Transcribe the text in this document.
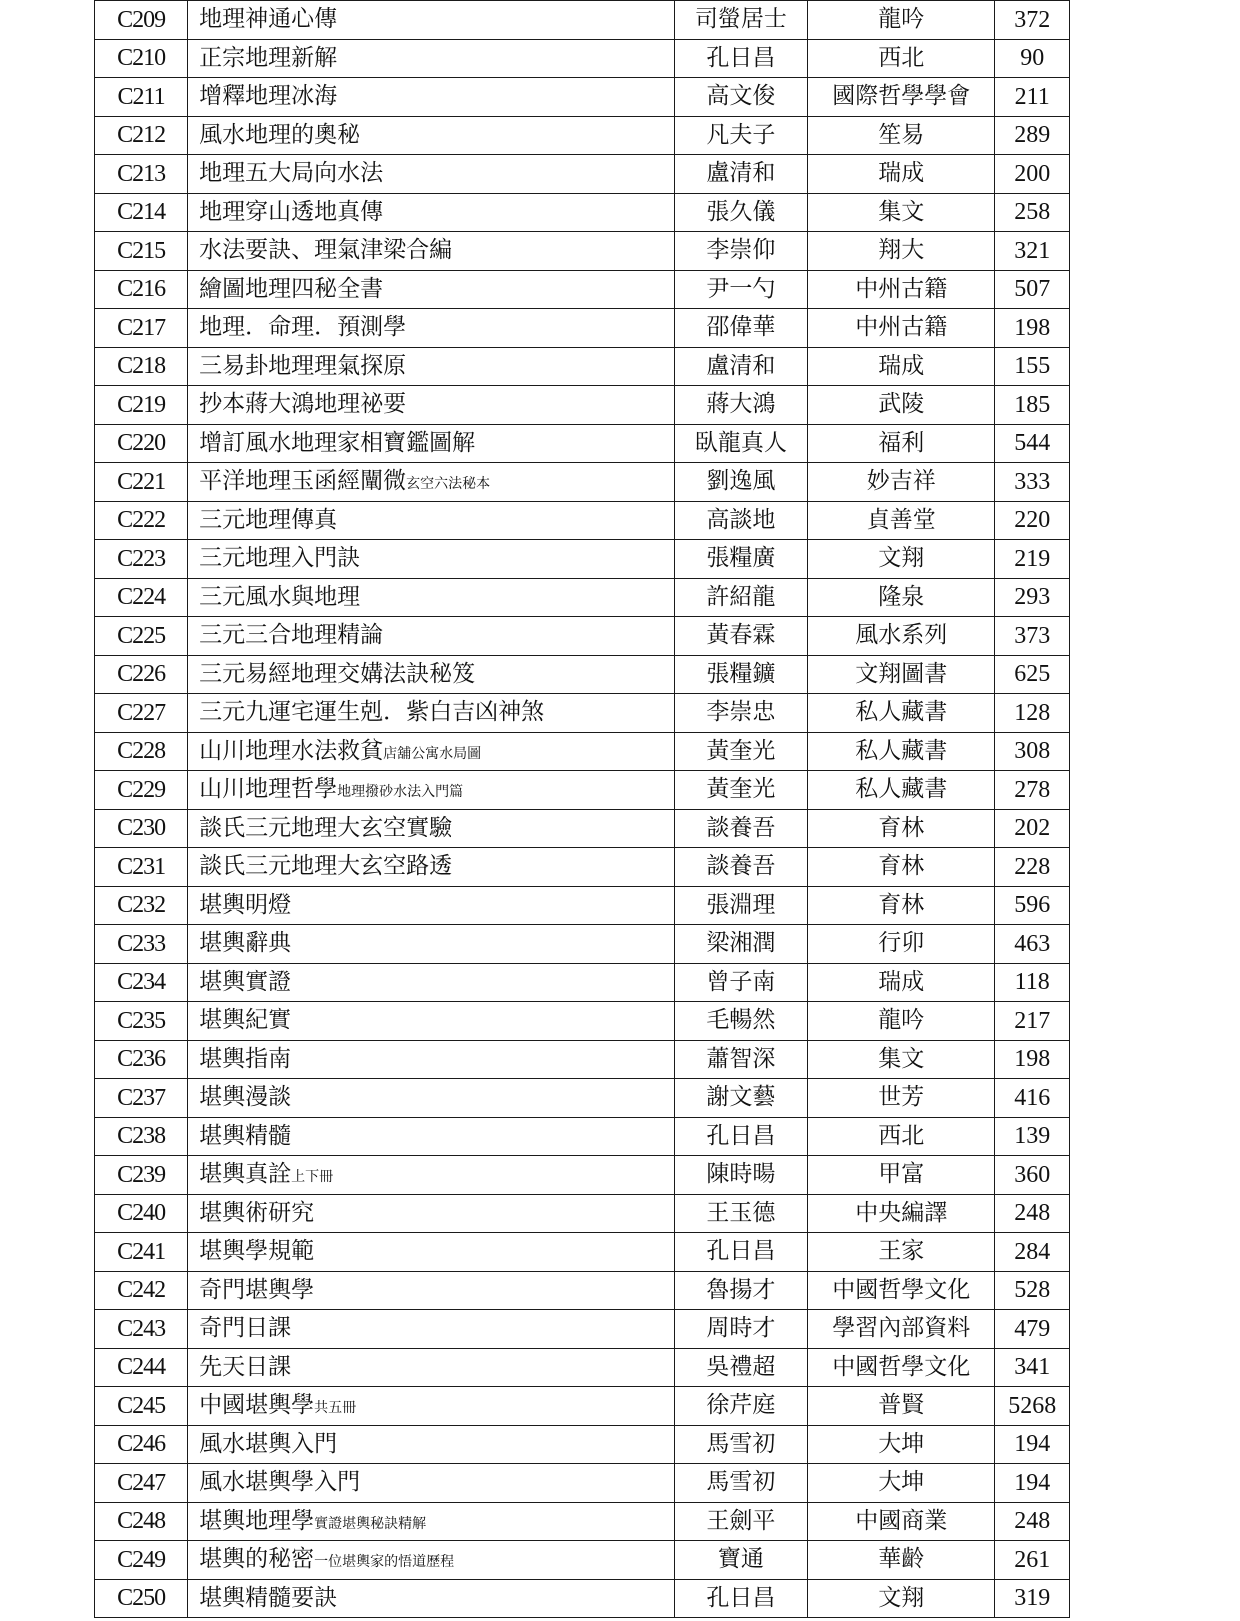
C209	地理神通心傳	司螢居士	龍吟	372
C210	正宗地理新解	孔日昌	西北	90
C211	增釋地理冰海	高文俊	國際哲學學會	211
C212	風水地理的奧秘	凡夫子	笙易	289
C213	地理五大局向水法	盧清和	瑞成	200
C214	地理穿山透地真傳	張久儀	集文	258
C215	水法要訣、理氣津梁合編	李崇仰	翔大	321
C216	繪圖地理四秘全書	尹一勺	中州古籍	507
C217	地理．命理．預測學	邵偉華	中州古籍	198
C218	三易卦地理理氣探原	盧清和	瑞成	155
C219	抄本蔣大鴻地理祕要	蔣大鴻	武陵	185
C220	增訂風水地理家相寶鑑圖解	臥龍真人	福利	544
C221	平洋地理玉函經闡微玄空六法秘本	劉逸風	妙吉祥	333
C222	三元地理傳真	高談地	貞善堂	220
C223	三元地理入門訣	張糧廣	文翔	219
C224	三元風水與地理	許紹龍	隆泉	293
C225	三元三合地理精論	黃春霖	風水系列	373
C226	三元易經地理交媾法訣秘笈	張糧鑛	文翔圖書	625
C227	三元九運宅運生剋．紫白吉凶神煞	李崇忠	私人藏書	128
C228	山川地理水法救貧店舖公寓水局圖	黃奎光	私人藏書	308
C229	山川地理哲學地理撥砂水法入門篇	黃奎光	私人藏書	278
C230	談氏三元地理大玄空實驗	談養吾	育林	202
C231	談氏三元地理大玄空路透	談養吾	育林	228
C232	堪輿明燈	張淵理	育林	596
C233	堪輿辭典	梁湘潤	行卯	463
C234	堪輿實證	曾子南	瑞成	118
C235	堪輿紀實	毛暢然	龍吟	217
C236	堪輿指南	蕭智深	集文	198
C237	堪輿漫談	謝文藝	世芳	416
C238	堪輿精髓	孔日昌	西北	139
C239	堪輿真詮上下冊	陳時暘	甲富	360
C240	堪輿術研究	王玉德	中央編譯	248
C241	堪輿學規範	孔日昌	王家	284
C242	奇門堪輿學	魯揚才	中國哲學文化	528
C243	奇門日課	周時才	學習內部資料	479
C244	先天日課	吳禮超	中國哲學文化	341
C245	中國堪輿學共五冊	徐芹庭	普賢	5268
C246	風水堪輿入門	馬雪初	大坤	194
C247	風水堪輿學入門	馬雪初	大坤	194
C248	堪輿地理學實證堪輿秘訣精解	王劍平	中國商業	248
C249	堪輿的秘密一位堪輿家的悟道歷程	寶通	華齡	261
C250	堪輿精髓要訣	孔日昌	文翔	319
